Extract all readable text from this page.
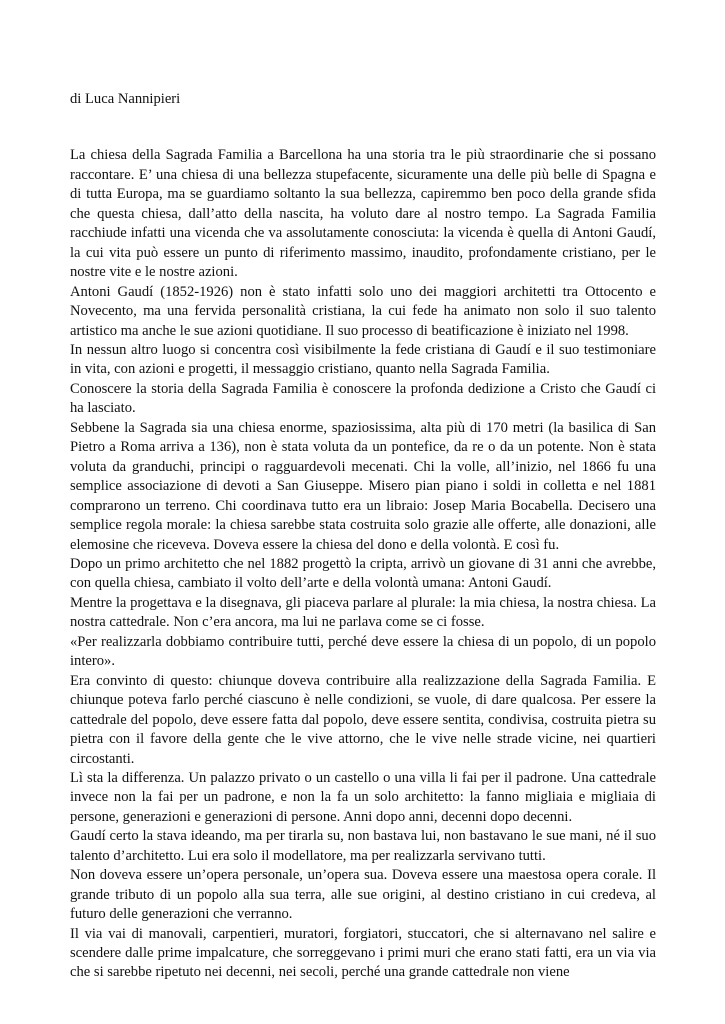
di Luca Nannipieri

La chiesa della Sagrada Familia a Barcellona ha una storia tra le più straordinarie che si possano raccontare. E’ una chiesa di una bellezza stupefacente, sicuramente una delle più belle di Spagna e di tutta Europa, ma se guardiamo soltanto la sua bellezza, capiremmo ben poco della grande sfida che questa chiesa, dall’atto della nascita, ha voluto dare al nostro tempo. La Sagrada Familia racchiude infatti una vicenda che va assolutamente conosciuta: la vicenda è quella di Antoni Gaudí, la cui vita può essere un punto di riferimento massimo, inaudito, profondamente cristiano, per le nostre vite e le nostre azioni.

Antoni Gaudí (1852-1926) non è stato infatti solo uno dei maggiori architetti tra Ottocento e Novecento, ma una fervida personalità cristiana, la cui fede ha animato non solo il suo talento artistico ma anche le sue azioni quotidiane. Il suo processo di beatificazione è iniziato nel 1998.

In nessun altro luogo si concentra così visibilmente la fede cristiana di Gaudí e il suo testimoniare in vita, con azioni e progetti, il messaggio cristiano, quanto nella Sagrada Familia.

Conoscere la storia della Sagrada Familia è conoscere la profonda dedizione a Cristo che Gaudí ci ha lasciato.

Sebbene la Sagrada sia una chiesa enorme, spaziosissima, alta più di 170 metri (la basilica di San Pietro a Roma arriva a 136), non è stata voluta da un pontefice, da re o da un potente. Non è stata voluta da granduchi, principi o ragguardevoli mecenati. Chi la volle, all’inizio, nel 1866 fu una semplice associazione di devoti a San Giuseppe. Misero pian piano i soldi in colletta e nel 1881 comprarono un terreno. Chi coordinava tutto era un libraio: Josep Maria Bocabella. Decisero una semplice regola morale: la chiesa sarebbe stata costruita solo grazie alle offerte, alle donazioni, alle elemosine che riceveva. Doveva essere la chiesa del dono e della volontà. E così fu.

Dopo un primo architetto che nel 1882 progettò la cripta, arrivò un giovane di 31 anni che avrebbe, con quella chiesa, cambiato il volto dell’arte e della volontà umana: Antoni Gaudí.

Mentre la progettava e la disegnava, gli piaceva parlare al plurale: la mia chiesa, la nostra chiesa. La nostra cattedrale. Non c’era ancora, ma lui ne parlava come se ci fosse.

«Per realizzarla dobbiamo contribuire tutti, perché deve essere la chiesa di un popolo, di un popolo intero».

Era convinto di questo: chiunque doveva contribuire alla realizzazione della Sagrada Familia. E chiunque poteva farlo perché ciascuno è nelle condizioni, se vuole, di dare qualcosa. Per essere la cattedrale del popolo, deve essere fatta dal popolo, deve essere sentita, condivisa, costruita pietra su pietra con il favore della gente che le vive attorno, che le vive nelle strade vicine, nei quartieri circostanti.

Lì sta la differenza. Un palazzo privato o un castello o una villa li fai per il padrone. Una cattedrale invece non la fai per un padrone, e non la fa un solo architetto: la fanno migliaia e migliaia di persone, generazioni e generazioni di persone. Anni dopo anni, decenni dopo decenni.

Gaudí certo la stava ideando, ma per tirarla su, non bastava lui, non bastavano le sue mani, né il suo talento d’architetto. Lui era solo il modellatore, ma per realizzarla servivano tutti.

Non doveva essere un’opera personale, un’opera sua. Doveva essere una maestosa opera corale. Il grande tributo di un popolo alla sua terra, alle sue origini, al destino cristiano in cui credeva, al futuro delle generazioni che verranno.

Il via vai di manovali, carpentieri, muratori, forgiatori, stuccatori, che si alternavano nel salire e scendere dalle prime impalcature, che sorreggevano i primi muri che erano stati fatti, era un via via che si sarebbe ripetuto nei decenni, nei secoli, perché una grande cattedrale non viene
